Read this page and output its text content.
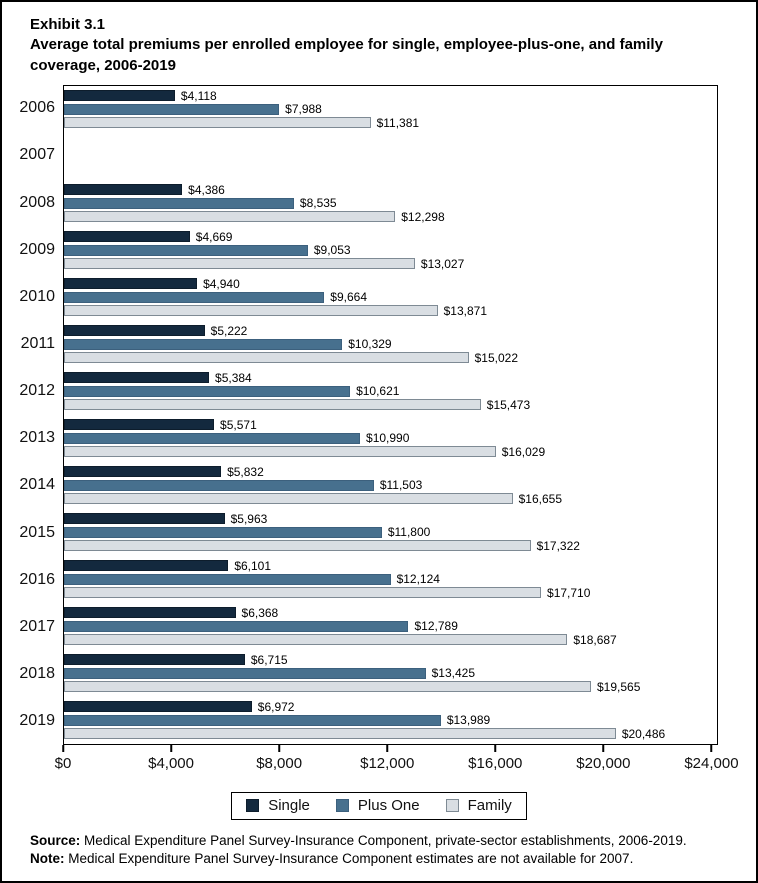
Exhibit 3.1
Average total premiums per enrolled employee for single, employee-plus-one, and family coverage, 2006-2019
2006
2007
2008
2009
2010
2011
2012
2013
2014
2015
2016
2017
2018
2019
$4,118
$7,988
$11,381
$4,386
$8,535
$12,298
$4,669
$9,053
$13,027
$4,940
$9,664
$13,871
$5,222
$10,329
$15,022
$5,384
$10,621
$15,473
$5,571
$10,990
$16,029
$5,832
$11,503
$16,655
$5,963
$11,800
$17,322
$6,101
$12,124
$17,710
$6,368
$12,789
$18,687
$6,715
$13,425
$19,565
$6,972
$13,989
$20,486
$0	$4,000	$8,000	$12,000	$16,000	$20,000	$24,000
Single	Plus One	Family
Source: Medical Expenditure Panel Survey-Insurance Component, private-sector establishments, 2006-2019.
Note: Medical Expenditure Panel Survey-Insurance Component estimates are not available for 2007.
